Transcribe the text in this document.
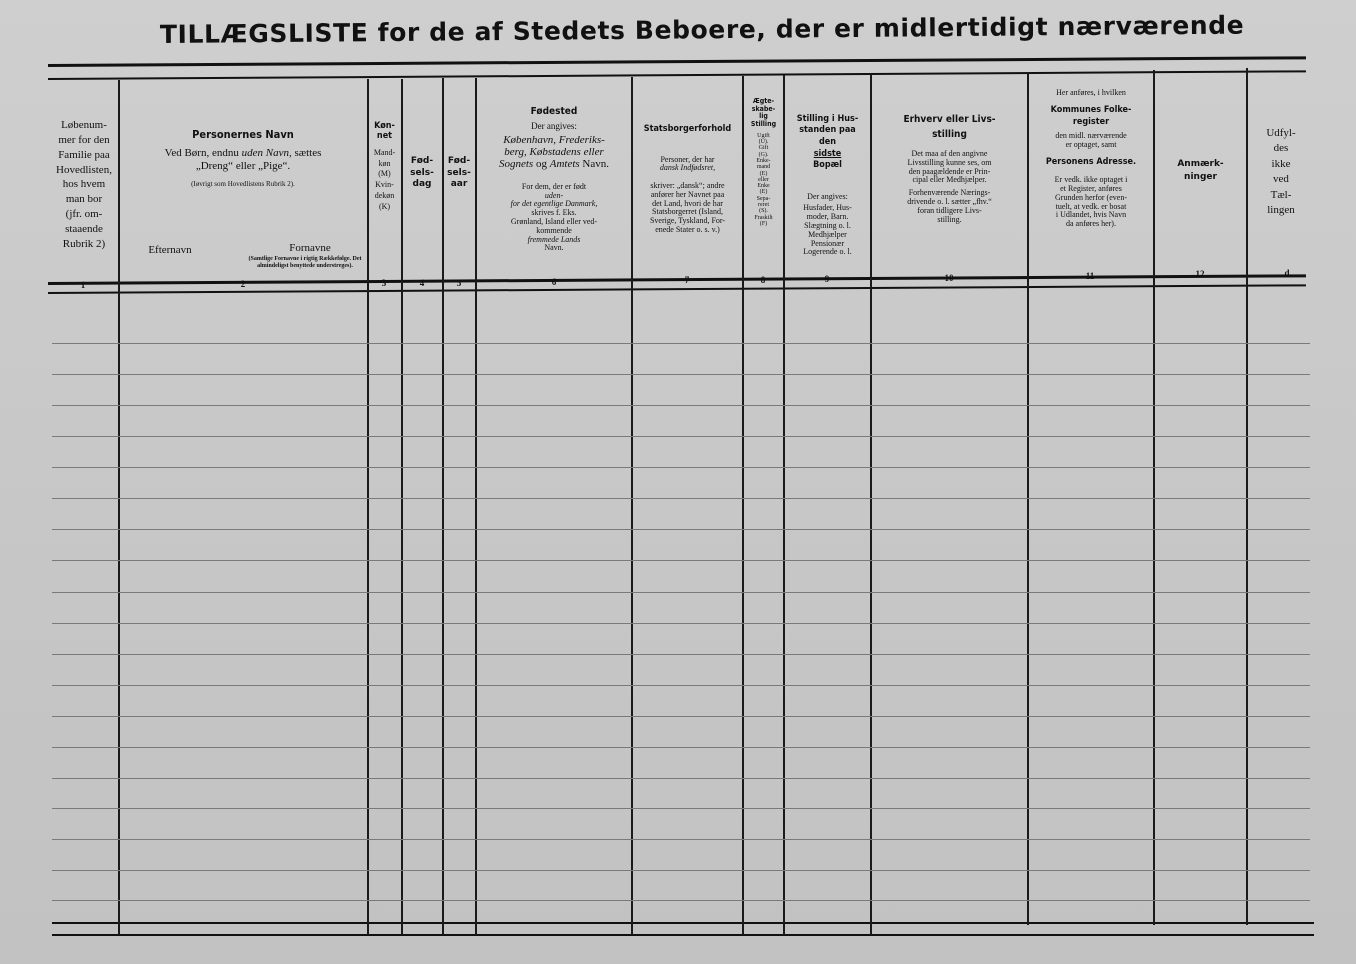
TILLÆGSLISTE for de af Stedets Beboere, der er midlertidigt nærværende
Løbenum-
mer for den
Familie paa
Hovedlisten,
hos hvem
man bor
(jfr. om-
staaende
Rubrik 2)
Personernes Navn
Ved Børn, endnu uden Navn, sættes
„Dreng“ eller „Pige“.
(Iøvrigt som Hovedlistens Rubrik 2).
Efternavn	Fornavne
(Samtlige Fornavne i rigtig Rækkefølge. Det almindeligst benyttede understreges).
Køn-
net
Mand-
køn
(M)
Kvin-
dekøn
(K)
Fød-
sels-
dag
Fød-
sels-
aar
Fødested
Der angives:
København, Frederiks-
berg, Købstadens eller
Sognets og Amtets Navn.

For dem, der er født
uden-
for det egentlige Danmark,
skrives f. Eks.
Grønland, Island eller ved-
kommende
fremmede Lands
Navn.

Statsborgerforhold

Personer, der har

dansk Indfødsret,

skriver: „dansk“; andre
anfører her Navnet paa
det Land, hvori de har
Statsborgerret (Island,
Sverige, Tyskland, For-
enede Stater o. s. v.)

Ægte-
skabe-
lig
Stilling
Ugift
(U).
Gift
(G).
Enke-
mand
(E)
eller
Enke
(E)
Sepa-
reret
(S).
Fraskilt
(F)

Stilling i Hus-
standen paa
den
sidste

Bopæl

Der angives:
Husfader, Hus-
moder, Barn.
Slægtning o. l.
Medhjælper
Pensionær
Logerende o. l.
Erhverv eller Livs-
stilling
Det maa af den angivne
Livsstilling kunne ses, om
den paagældende er Prin-
cipal eller Medhjælper.
Forhenværende Nærings-
drivende o. l. sætter „fhv.“
foran tidligere Livs-
stilling.
Her anføres, i hvilken
Kommunes Folke-
register
den midl. nærværende
er optaget, samt
Personens Adresse.
Er vedk. ikke optaget i
et Register, anføres
Grunden herfor (even-
tuelt, at vedk. er bosat
i Udlandet, hvis Navn
da anføres her).
Anmærk-
ninger
Udfyl-
des
ikke
ved
Tæl-
lingen
1	2	3	4	5	6	7	8	9	10	11	12	d
